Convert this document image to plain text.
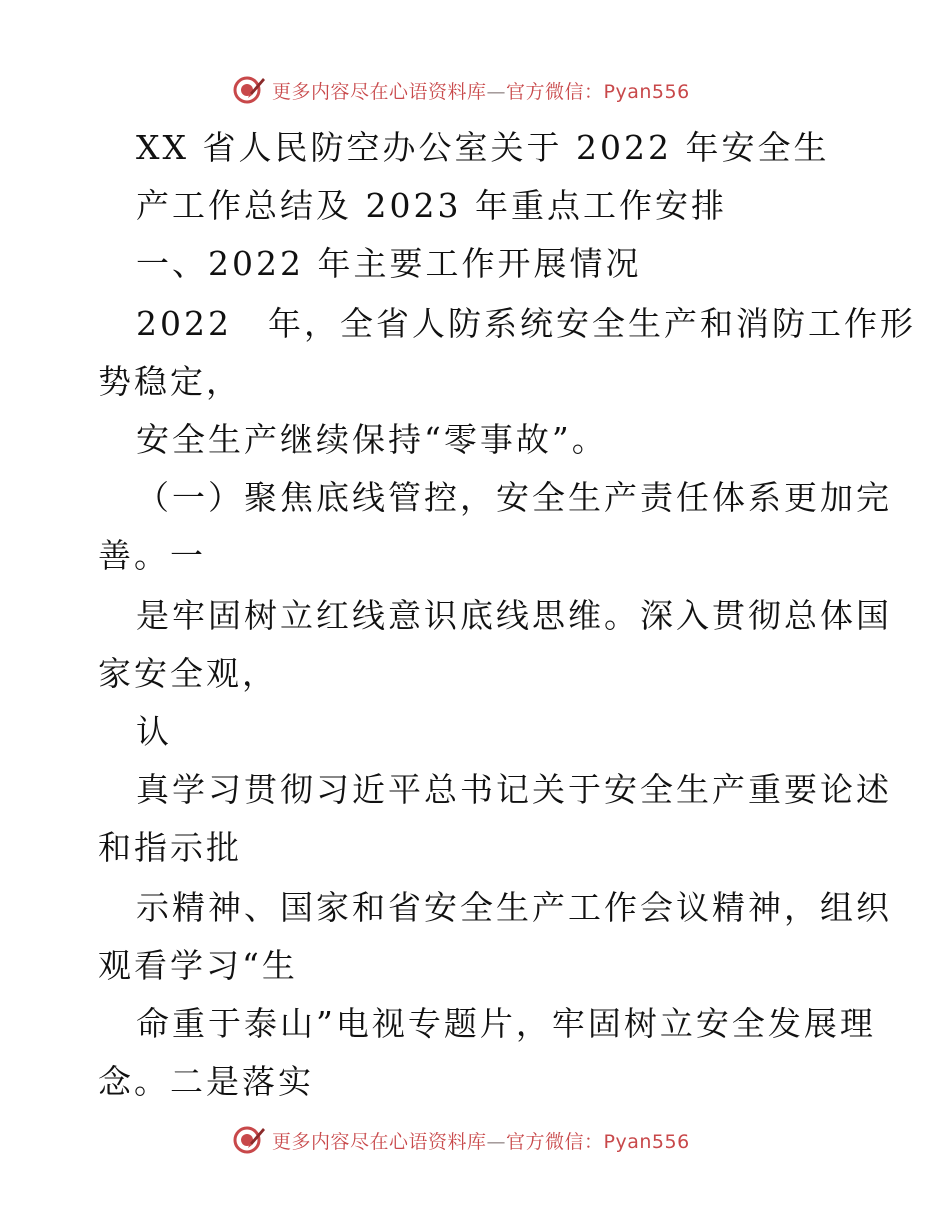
更多内容尽在心语资料库—官方微信：Pyan556
XX 省人民防空办公室关于 2022 年安全生
产工作总结及 2023 年重点工作安排
一、2022 年主要工作开展情况
2022　年，全省人防系统安全生产和消防工作形
势稳定，
安全生产继续保持“零事故”。
（一）聚焦底线管控，安全生产责任体系更加完
善。一
是牢固树立红线意识底线思维。深入贯彻总体国
家安全观，
认
真学习贯彻习近平总书记关于安全生产重要论述
和指示批
示精神、国家和省安全生产工作会议精神，组织
观看学习“生
命重于泰山”电视专题片，牢固树立安全发展理
念。二是落实
更多内容尽在心语资料库—官方微信：Pyan556
